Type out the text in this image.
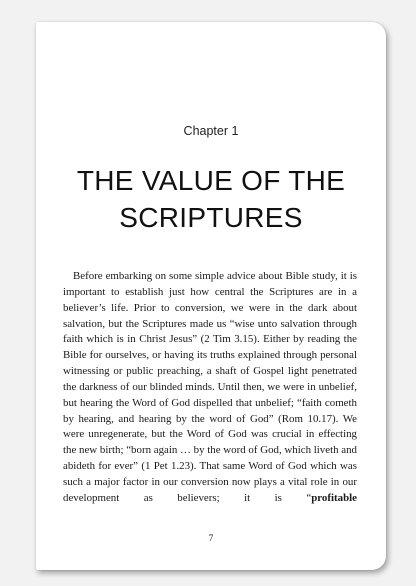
Chapter 1
THE VALUE OF THE
SCRIPTURES

Before embarking on some simple advice about Bible study, it is important to establish just how central the Scriptures are in a believer’s life. Prior to conversion, we were in the dark about salvation, but the Scriptures made us “wise unto salvation through faith which is in Christ Jesus” (2 Tim 3.15). Either by reading the Bible for ourselves, or having its truths explained through personal witnessing or public preaching, a shaft of Gospel light penetrated the darkness of our blinded minds. Until then, we were in unbelief, but hearing the Word of God dispelled that unbelief; “faith cometh by hearing, and hearing by the word of God” (Rom 10.17). We were unregenerate, but the Word of God was crucial in effecting the new birth; “born again … by the word of God, which liveth and abideth for ever” (1 Pet 1.23). That same Word of God which was such a major factor in our conversion now plays a vital role in our development as believers; it is “profitable

7
